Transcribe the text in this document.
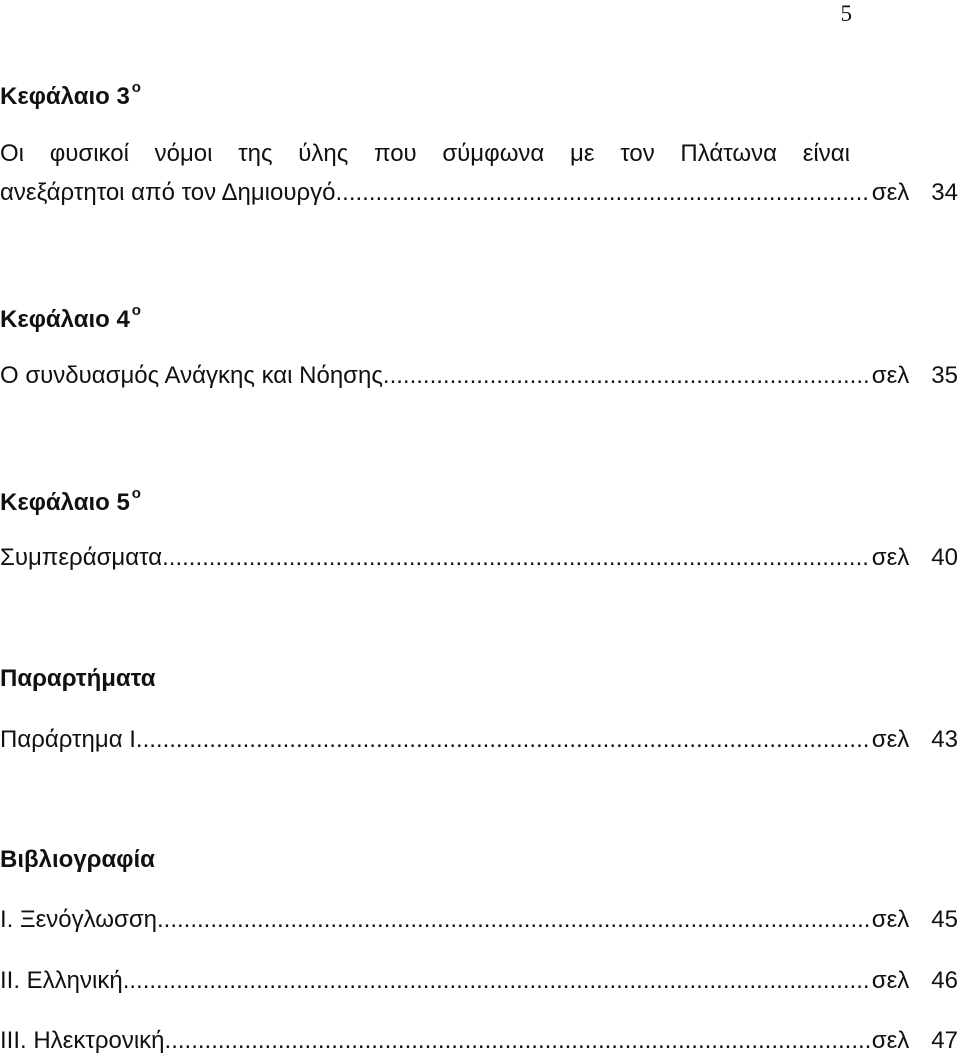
5
Κεφάλαιο 3 $^o$
Οι φυσικοί νόμοι της ύλης που σύμφωνα με τον Πλάτωνα είναι
ανεξάρτητοι από τον Δημιουργό .....	σελ 34
Κεφάλαιο 4 $^o$
Ο συνδυασμός Ανάγκης και Νόησης .....	σελ 35
Κεφάλαιο 5 $^o$
Συμπεράσματα .....	σελ 40
Παραρτήματα
Παράρτημα Ι .....	σελ 43
Βιβλιογραφία
Ι. Ξενόγλωσση .....	σελ 45
ΙΙ. Ελληνική .....	σελ 46
ΙΙΙ. Ηλεκτρονική .....	σελ 47
